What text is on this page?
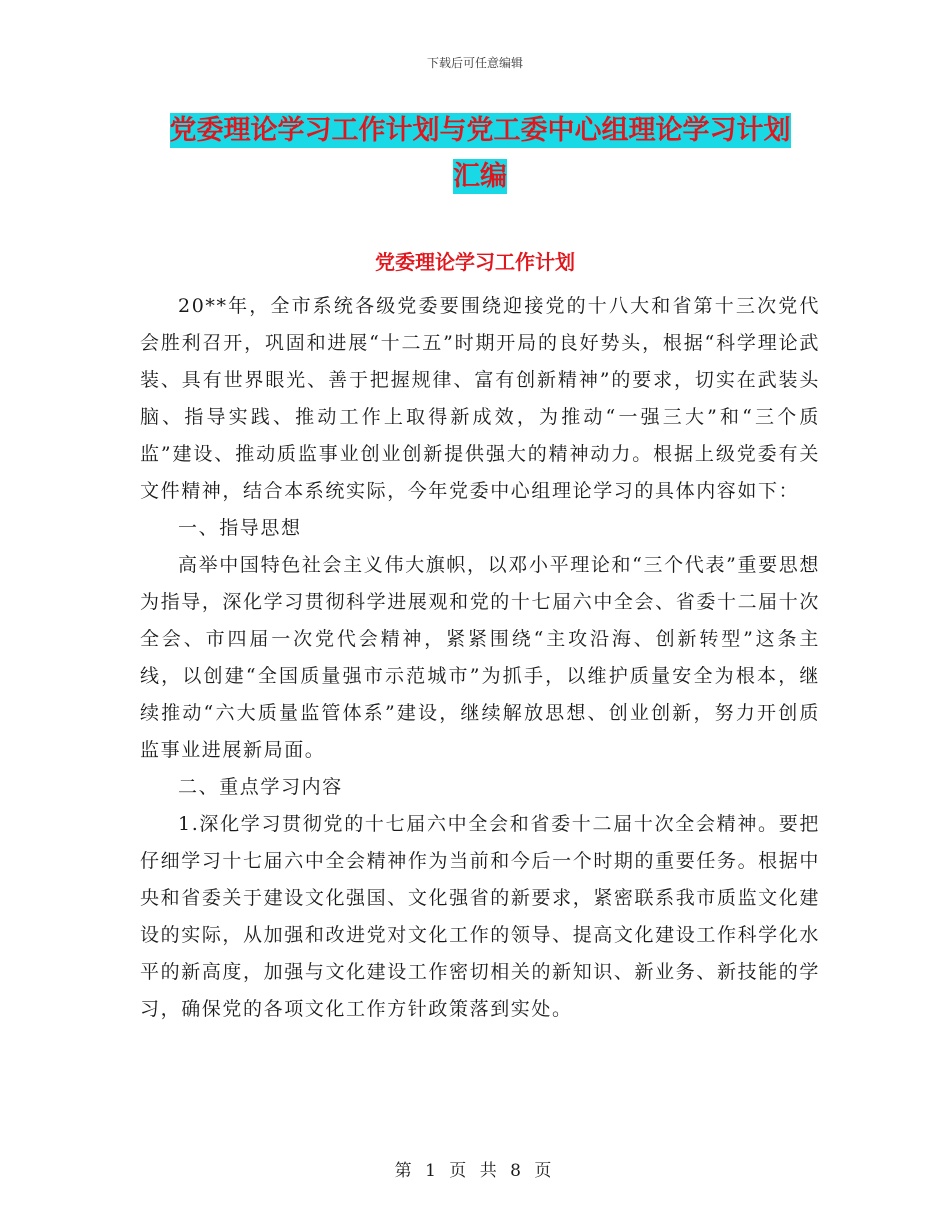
下载后可任意编辑
党委理论学习工作计划与党工委中心组理论学习计划
汇编
党委理论学习工作计划

20**年，全市系统各级党委要围绕迎接党的十八大和省第十三次党代会胜利召开，巩固和进展“十二五”时期开局的良好势头，根据“科学理论武装、具有世界眼光、善于把握规律、富有创新精神”的要求，切实在武装头脑、指导实践、推动工作上取得新成效，为推动“一强三大”和“三个质监”建设、推动质监事业创业创新提供强大的精神动力。根据上级党委有关文件精神，结合本系统实际，今年党委中心组理论学习的具体内容如下：

一、指导思想

高举中国特色社会主义伟大旗帜，以邓小平理论和“三个代表”重要思想为指导，深化学习贯彻科学进展观和党的十七届六中全会、省委十二届十次全会、市四届一次党代会精神，紧紧围绕“主攻沿海、创新转型”这条主线，以创建“全国质量强市示范城市”为抓手，以维护质量安全为根本，继续推动“六大质量监管体系”建设，继续解放思想、创业创新，努力开创质监事业进展新局面。

二、重点学习内容

1.深化学习贯彻党的十七届六中全会和省委十二届十次全会精神。要把仔细学习十七届六中全会精神作为当前和今后一个时期的重要任务。根据中央和省委关于建设文化强国、文化强省的新要求，紧密联系我市质监文化建设的实际，从加强和改进党对文化工作的领导、提高文化建设工作科学化水平的新高度，加强与文化建设工作密切相关的新知识、新业务、新技能的学习，确保党的各项文化工作方针政策落到实处。

第 1 页 共 8 页
